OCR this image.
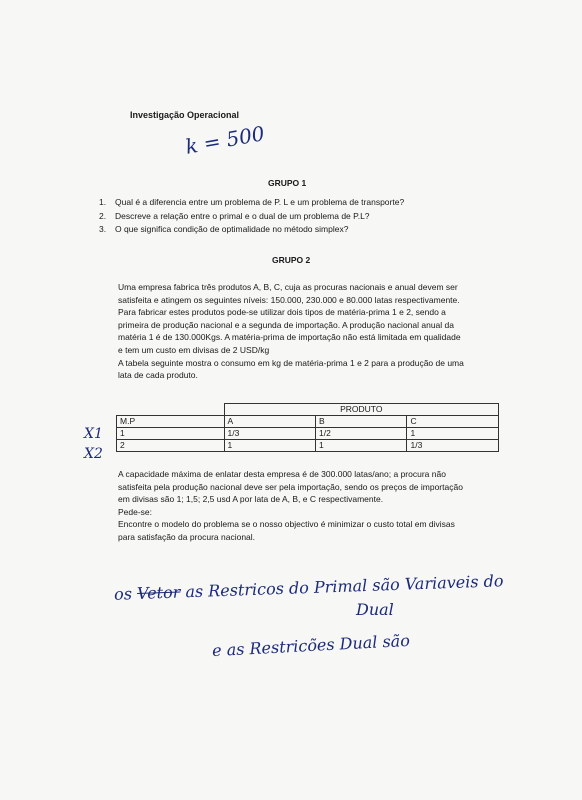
Investigação Operacional
k = 500
GRUPO 1
1. Qual é a diferencia entre um problema de P. L e um problema de transporte?
2. Descreve a relação entre o primal e o dual de um problema de P.L?
3. O que significa condição de optimalidade no método simplex?
GRUPO 2
Uma empresa fabrica três produtos A, B, C, cuja as procuras nacionais e anual devem ser
satisfeita e atingem os seguintes níveis: 150.000, 230.000 e 80.000 latas respectivamente.
Para fabricar estes produtos pode-se utilizar dois tipos de matéria-prima 1 e 2, sendo a
primeira de produção nacional e a segunda de importação. A produção nacional anual da
matéria 1 é de 130.000Kgs. A matéria-prima de importação não está limitada em qualidade
e tem um custo em divisas de 2 USD/kg
A tabela seguinte mostra o consumo em kg de matéria-prima 1 e 2 para a produção de uma
lata de cada produto.
	PRODUTO		
M.P	A	B	C
1	1/3	1/2	1
2	1	1	1/3
X1
X2
A capacidade máxima de enlatar desta empresa é de 300.000 latas/ano; a procura não
satisfeita pela produção nacional deve ser pela importação, sendo os preços de importação
em divisas são 1; 1,5; 2,5 usd A por lata de A, B, e C respectivamente.
Pede-se:
Encontre o modelo do problema se o nosso objectivo é minimizar o custo total em divisas
para satisfação da procura nacional.
os Vetor as Restricos do Primal são Variaveis do
Dual
e as Restricões Dual são
